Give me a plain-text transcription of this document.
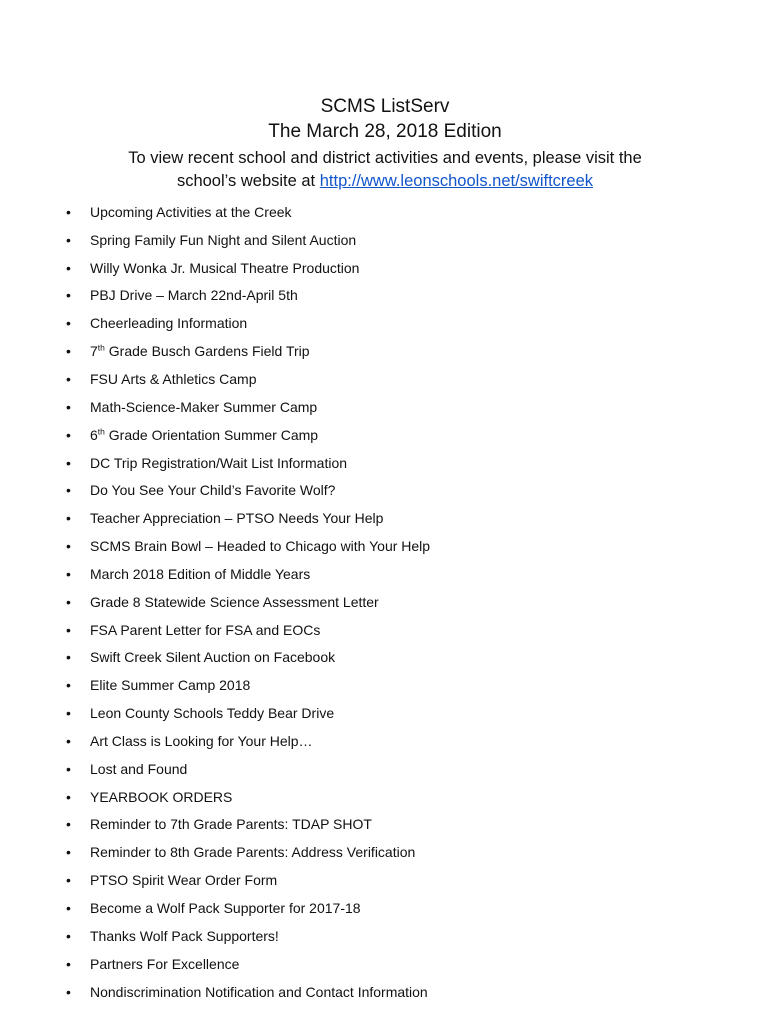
SCMS ListServ
The March 28, 2018 Edition
To view recent school and district activities and events, please visit the
school’s website at http://www.leonschools.net/swiftcreek
•	Upcoming Activities at the Creek
•	Spring Family Fun Night and Silent Auction
•	Willy Wonka Jr. Musical Theatre Production
•	PBJ Drive – March 22nd-April 5th
•	Cheerleading Information
•	7th Grade Busch Gardens Field Trip
•	FSU Arts & Athletics Camp
•	Math-Science-Maker Summer Camp
•	6th Grade Orientation Summer Camp
•	DC Trip Registration/Wait List Information
•	Do You See Your Child’s Favorite Wolf?
•	Teacher Appreciation – PTSO Needs Your Help
•	SCMS Brain Bowl – Headed to Chicago with Your Help
•	March 2018 Edition of Middle Years
•	Grade 8 Statewide Science Assessment Letter
•	FSA Parent Letter for FSA and EOCs
•	Swift Creek Silent Auction on Facebook
•	Elite Summer Camp 2018
•	Leon County Schools Teddy Bear Drive
•	Art Class is Looking for Your Help…
•	Lost and Found
•	YEARBOOK ORDERS
•	Reminder to 7th Grade Parents: TDAP SHOT
•	Reminder to 8th Grade Parents: Address Verification
•	PTSO Spirit Wear Order Form
•	Become a Wolf Pack Supporter for 2017-18
•	Thanks Wolf Pack Supporters!
•	Partners For Excellence
•	Nondiscrimination Notification and Contact Information
